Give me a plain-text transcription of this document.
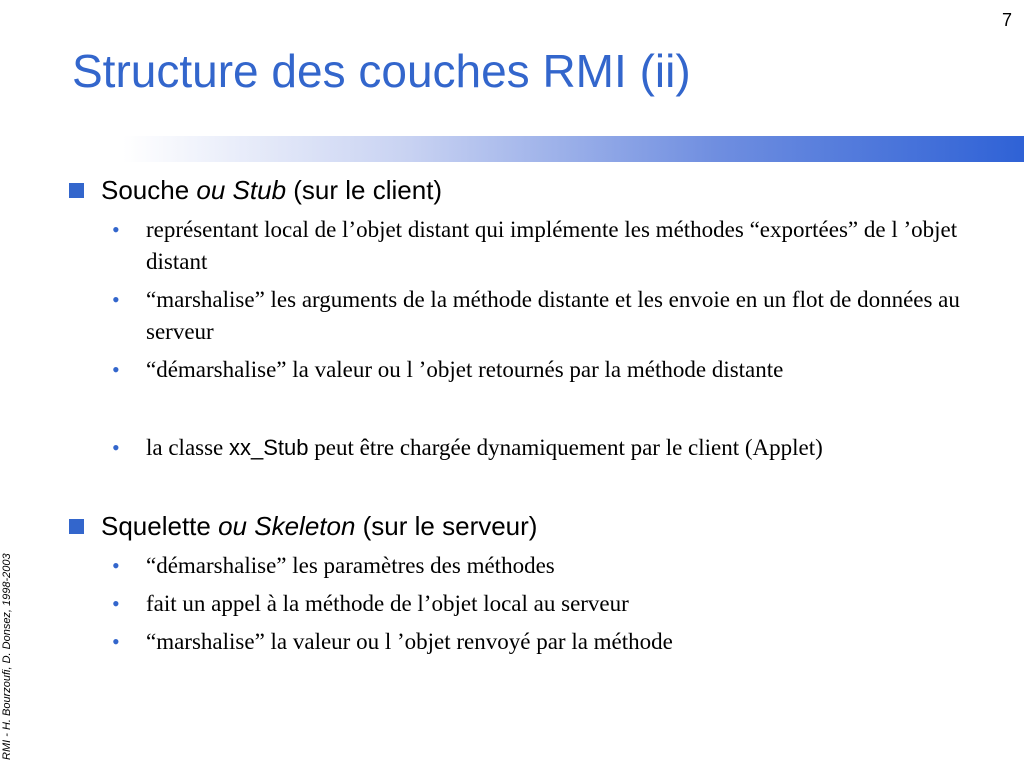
7
Structure des couches RMI (ii)
RMI - H. Bourzoufi, D. Donsez, 1998-2003
Souche ou Stub (sur le client)
• représentant local de l’objet distant qui implémente les méthodes “exportées” de l ’objet distant
• “marshalise” les arguments de la méthode distante et les envoie en un flot de données au serveur
• “démarshalise” la valeur ou l ’objet retournés par la méthode distante
• la classe xx_Stub peut être chargée dynamiquement par le client (Applet)
Squelette ou Skeleton (sur le serveur)
• “démarshalise” les paramètres des méthodes
• fait un appel à la méthode de l’objet local au serveur
• “marshalise” la valeur ou l ’objet renvoyé par la méthode
